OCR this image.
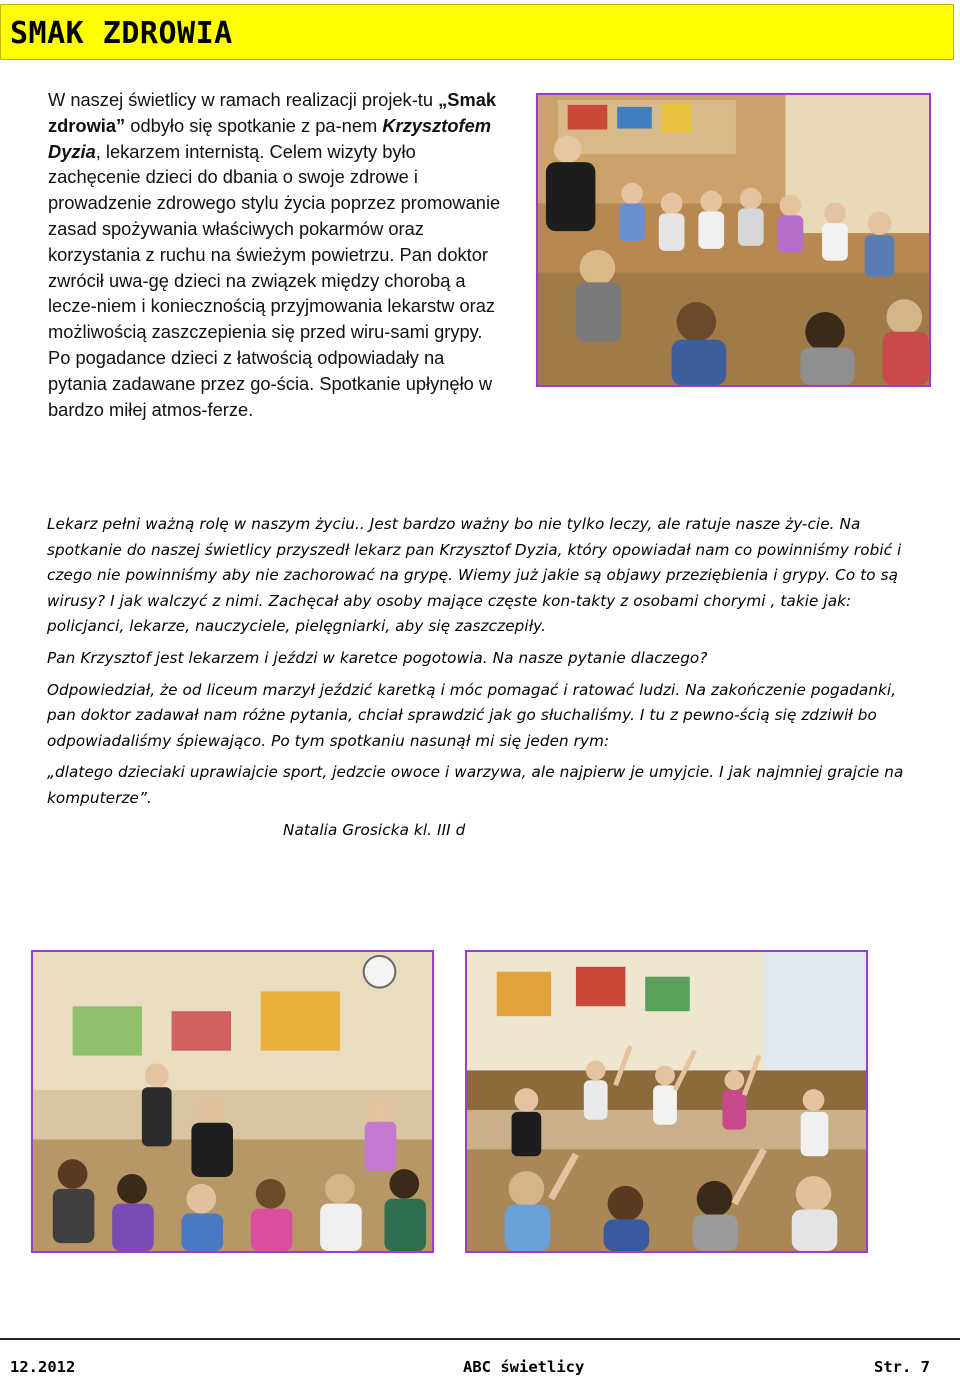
SMAK ZDROWIA

W naszej świetlicy w ramach realizacji projek-tu „Smak zdrowia” odbyło się spotkanie z pa-nem Krzysztofem Dyzia, lekarzem internistą. Celem wizyty było zachęcenie dzieci do dbania o swoje zdrowe i prowadzenie zdrowego stylu życia poprzez promowanie zasad spożywania właściwych pokarmów oraz korzystania z ruchu na świeżym powietrzu. Pan doktor zwrócił uwa-gę dzieci na związek między chorobą a lecze-niem i koniecznością przyjmowania lekarstw oraz możliwością zaszczepienia się przed wiru-sami grypy. Po pogadance dzieci z łatwością odpowiadały na pytania zadawane przez go-ścia. Spotkanie upłynęło w bardzo miłej atmos-ferze.

Lekarz pełni ważną rolę w naszym życiu.. Jest bardzo ważny bo nie tylko leczy, ale ratuje nasze ży-cie. Na spotkanie do naszej świetlicy przyszedł lekarz pan Krzysztof Dyzia, który opowiadał nam co powinniśmy robić i czego nie powinniśmy aby nie zachorować na grypę. Wiemy już jakie są objawy przeziębienia i grypy. Co to są wirusy? I jak walczyć z nimi. Zachęcał aby osoby mające częste kon-takty z osobami chorymi , takie jak: policjanci, lekarze, nauczyciele, pielęgniarki, aby się zaszczepiły.

Pan Krzysztof jest lekarzem i jeździ w karetce pogotowia. Na nasze pytanie dlaczego?

Odpowiedział, że od liceum marzył jeździć karetką i móc pomagać i ratować ludzi. Na zakończenie pogadanki, pan doktor zadawał nam różne pytania, chciał sprawdzić jak go słuchaliśmy. I tu z pewno-ścią się zdziwił bo odpowiadaliśmy śpiewająco. Po tym spotkaniu nasunął mi się jeden rym:

„dlatego dzieciaki uprawiajcie sport, jedzcie owoce i warzywa, ale najpierw je umyjcie. I jak najmniej grajcie na komputerze”.

Natalia Grosicka kl. III d

12.2012	ABC świetlicy	Str. 7
